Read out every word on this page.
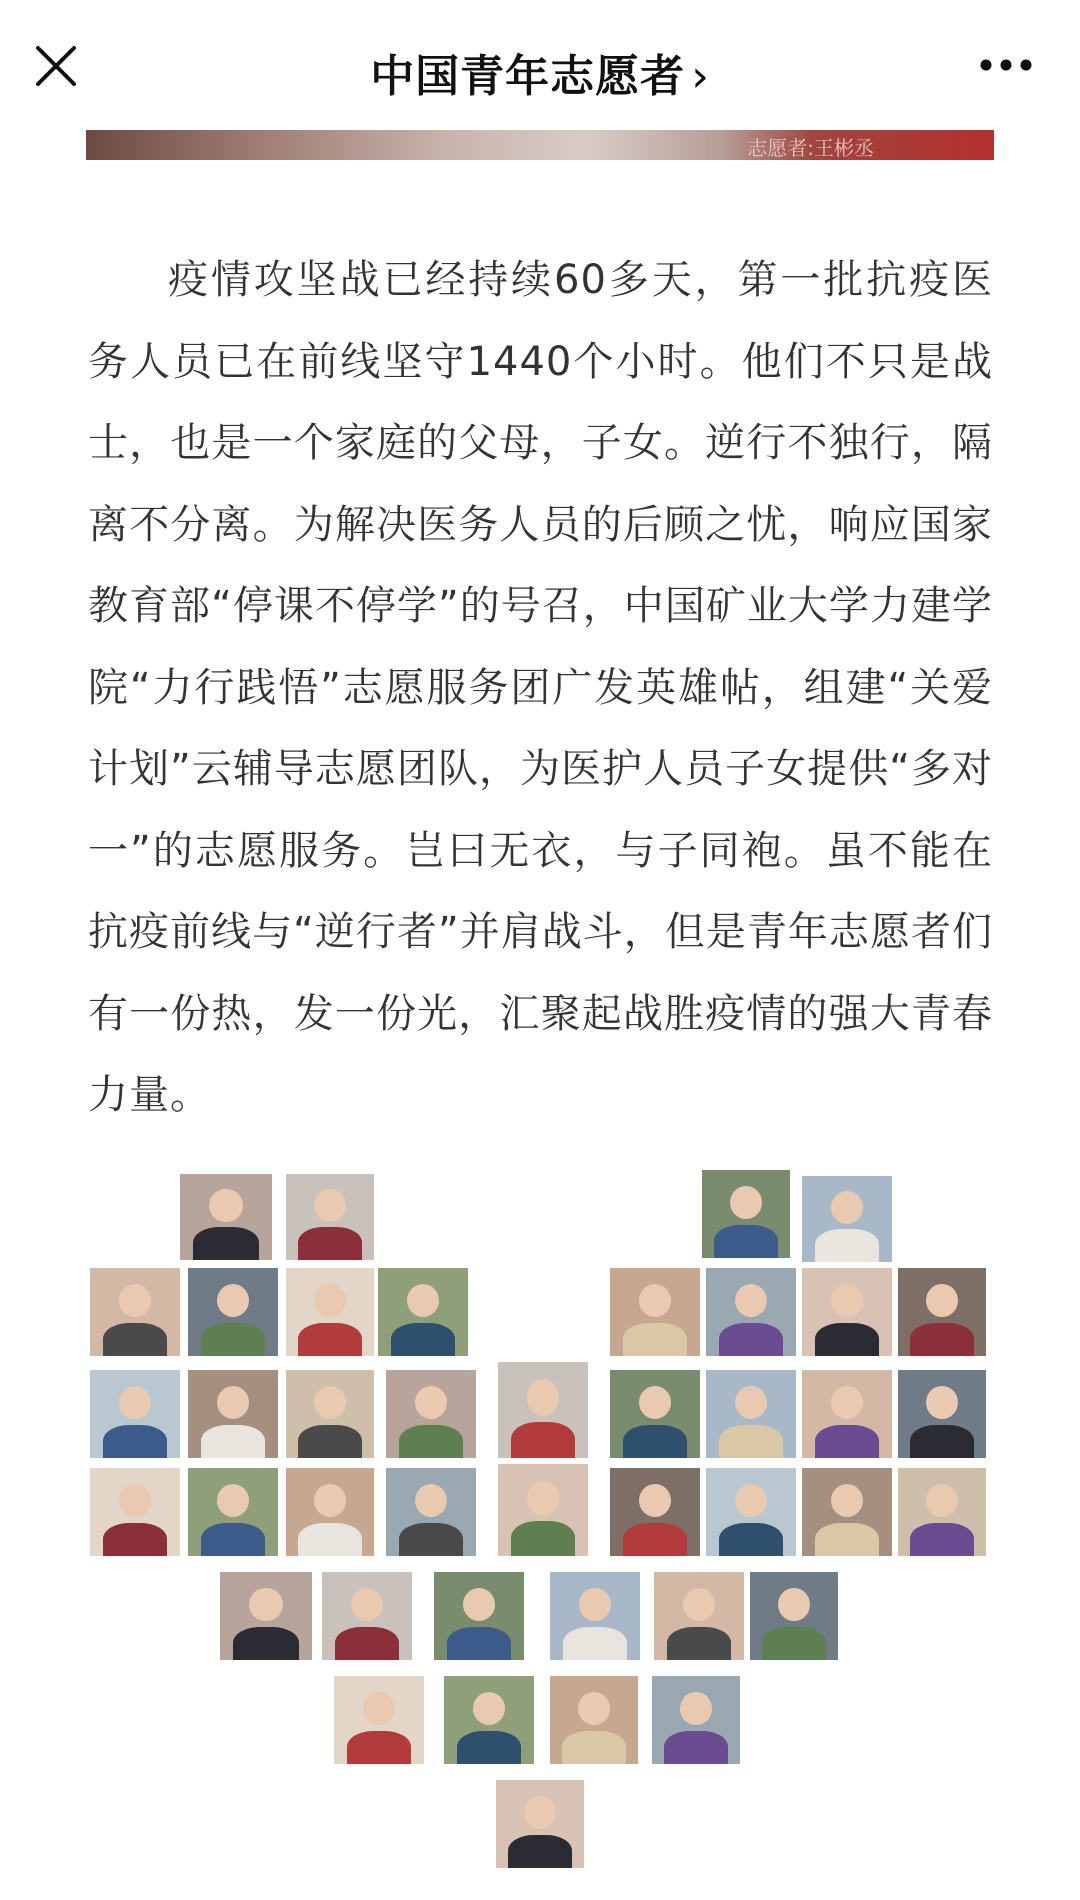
中国青年志愿者 ›
志愿者:王彬丞

疫情攻坚战已经持续60多天，第一批抗疫医务人员已在前线坚守1440个小时。他们不只是战士，也是一个家庭的父母，子女。逆行不独行，隔离不分离。为解决医务人员的后顾之忧，响应国家教育部“停课不停学”的号召，中国矿业大学力建学院“力行践悟”志愿服务团广发英雄帖，组建“关爱计划”云辅导志愿团队，为医护人员子女提供“多对一”的志愿服务。岂曰无衣，与子同袍。虽不能在抗疫前线与“逆行者”并肩战斗，但是青年志愿者们有一份热，发一份光，汇聚起战胜疫情的强大青春力量。
